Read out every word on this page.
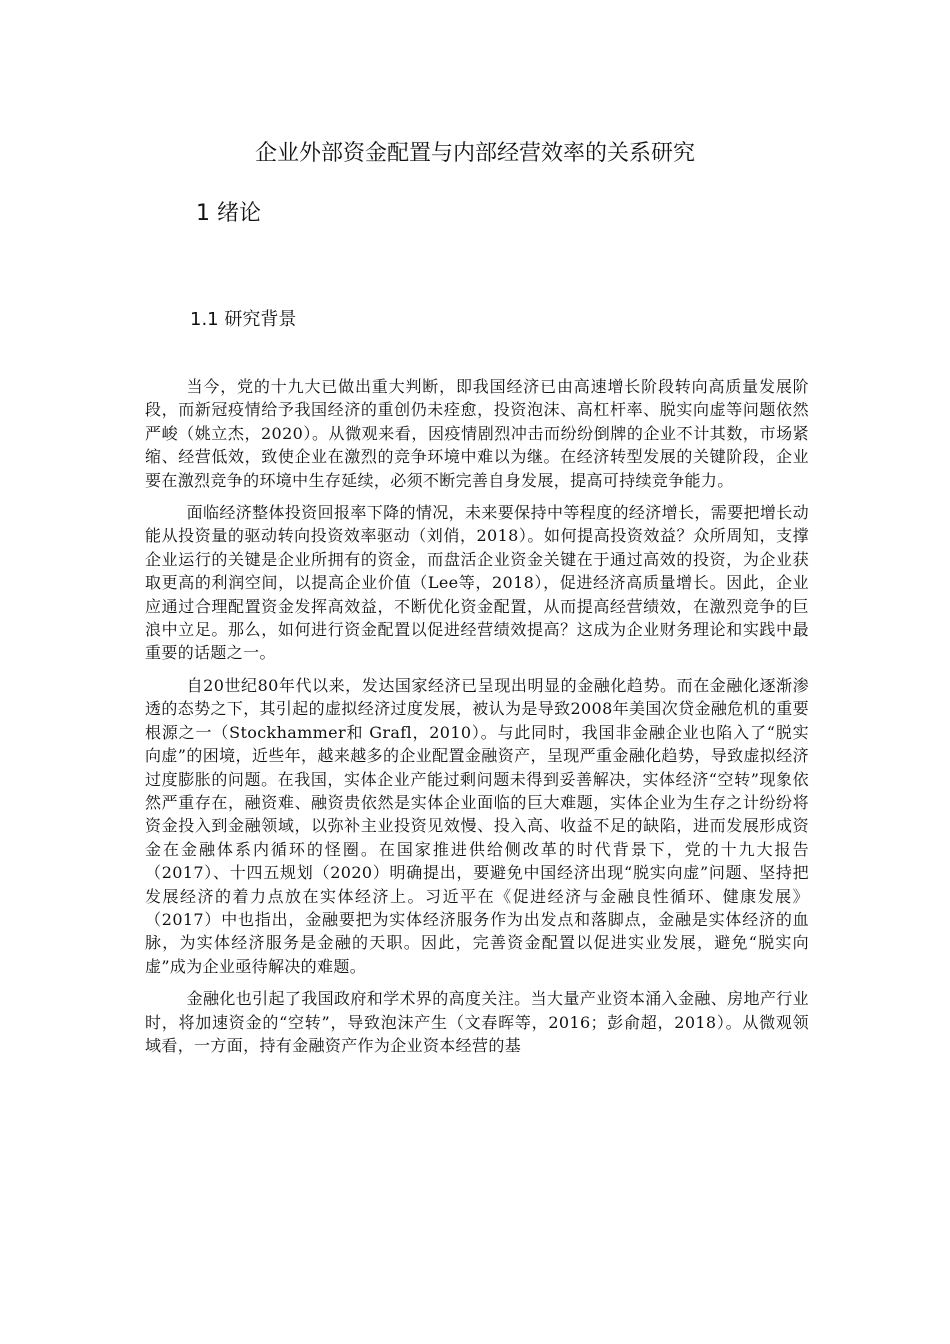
企业外部资金配置与内部经营效率的关系研究
1 绪论
1.1 研究背景

当今，党的十九大已做出重大判断，即我国经济已由高速增长阶段转向高质量发展阶段，而新冠疫情给予我国经济的重创仍未痊愈，投资泡沫、高杠杆率、脱实向虚等问题依然严峻（姚立杰，2020）。从微观来看，因疫情剧烈冲击而纷纷倒牌的企业不计其数，市场紧缩、经营低效，致使企业在激烈的竞争环境中难以为继。在经济转型发展的关键阶段，企业要在激烈竞争的环境中生存延续，必须不断完善自身发展，提高可持续竞争能力。

面临经济整体投资回报率下降的情况，未来要保持中等程度的经济增长，需要把增长动能从投资量的驱动转向投资效率驱动（刘俏，2018）。如何提高投资效益？众所周知，支撑企业运行的关键是企业所拥有的资金，而盘活企业资金关键在于通过高效的投资，为企业获取更高的利润空间，以提高企业价值（Lee等，2018），促进经济高质量增长。因此，企业应通过合理配置资金发挥高效益，不断优化资金配置，从而提高经营绩效，在激烈竞争的巨浪中立足。那么，如何进行资金配置以促进经营绩效提高？这成为企业财务理论和实践中最重要的话题之一。

自20世纪80年代以来，发达国家经济已呈现出明显的金融化趋势。而在金融化逐渐渗透的态势之下，其引起的虚拟经济过度发展，被认为是导致2008年美国次贷金融危机的重要根源之一（Stockhammer和 Grafl，2010）。与此同时，我国非金融企业也陷入了“脱实向虚”的困境，近些年，越来越多的企业配置金融资产，呈现严重金融化趋势，导致虚拟经济过度膨胀的问题。在我国，实体企业产能过剩问题未得到妥善解决，实体经济“空转”现象依然严重存在，融资难、融资贵依然是实体企业面临的巨大难题，实体企业为生存之计纷纷将资金投入到金融领域，以弥补主业投资见效慢、投入高、收益不足的缺陷，进而发展形成资金在金融体系内循环的怪圈。在国家推进供给侧改革的时代背景下，党的十九大报告（2017）、十四五规划（2020）明确提出，要避免中国经济出现“脱实向虚”问题、坚持把发展经济的着力点放在实体经济上。习近平在《促进经济与金融良性循环、健康发展》（2017）中也指出，金融要把为实体经济服务作为出发点和落脚点，金融是实体经济的血脉，为实体经济服务是金融的天职。因此，完善资金配置以促进实业发展，避免“脱实向虚”成为企业亟待解决的难题。

金融化也引起了我国政府和学术界的高度关注。当大量产业资本涌入金融、房地产行业时，将加速资金的“空转”，导致泡沫产生（文春晖等，2016；彭俞超，2018）。从微观领域看，一方面，持有金融资产作为企业资本经营的基
